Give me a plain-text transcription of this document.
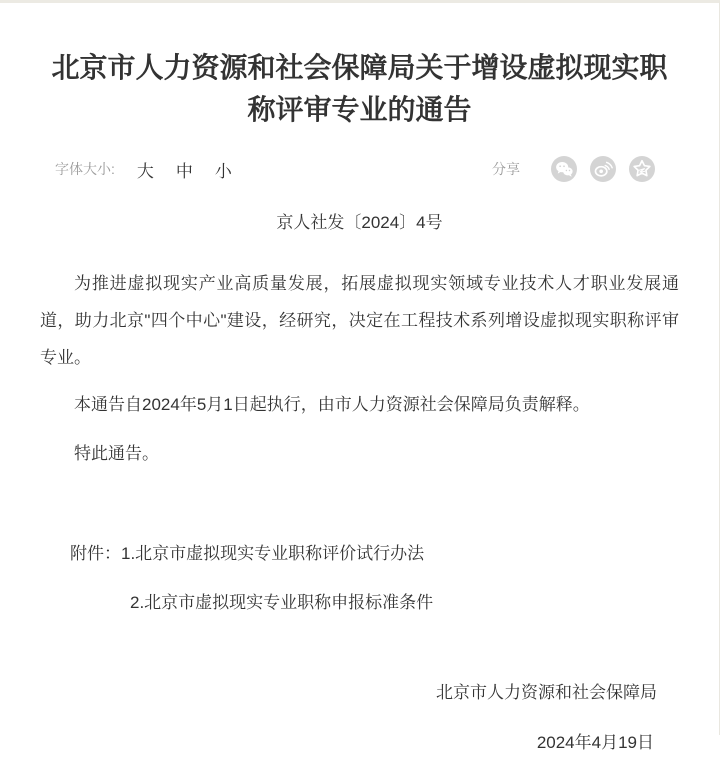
北京市人力资源和社会保障局关于增设虚拟现实职称评审专业的通告
字体大小: 大 中 小	分享
京人社发〔2024〕4号

为推进虚拟现实产业高质量发展，拓展虚拟现实领域专业技术人才职业发展通道，助力北京"四个中心"建设，经研究，决定在工程技术系列增设虚拟现实职称评审专业。

本通告自2024年5月1日起执行，由市人力资源社会保障局负责解释。

特此通告。

附件：1.北京市虚拟现实专业职称评价试行办法
2.北京市虚拟现实专业职称申报标准条件
北京市人力资源和社会保障局
2024年4月19日
